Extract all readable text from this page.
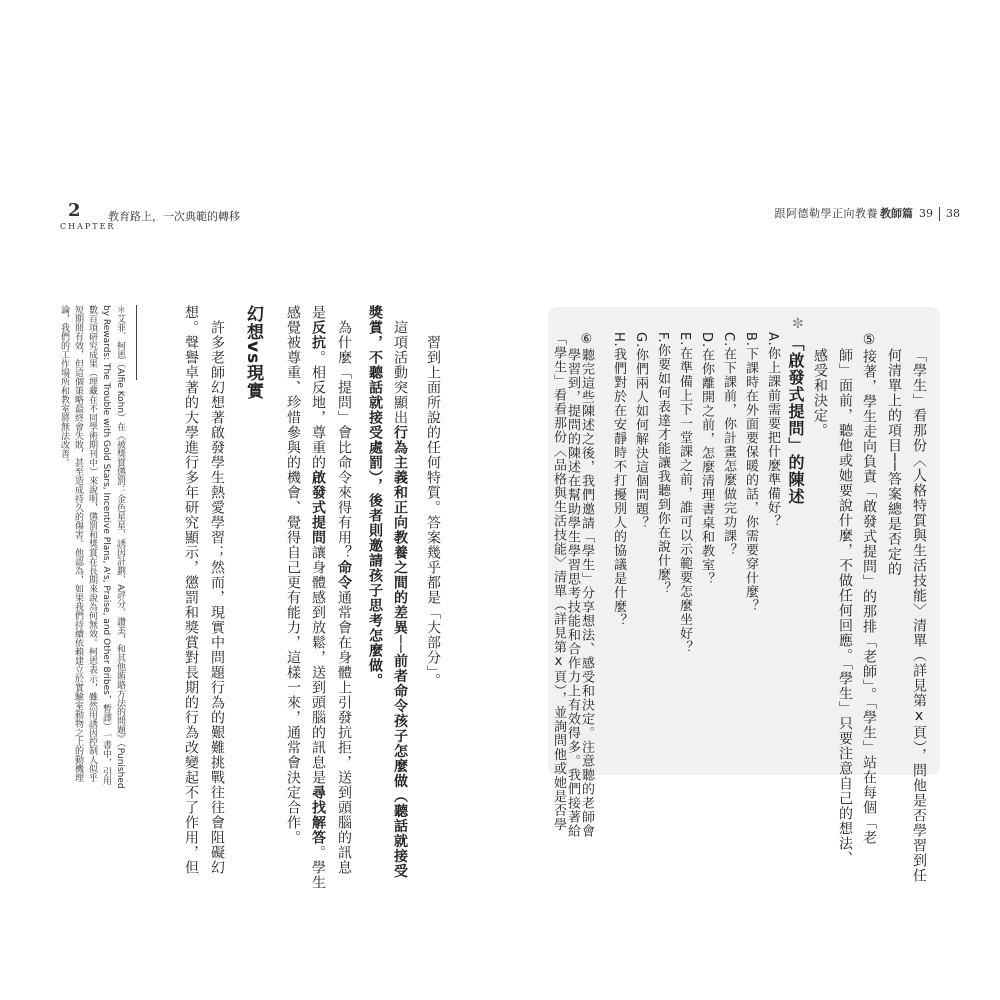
2
CHAPTER
教育路上，一次典範的轉移	跟阿德勒學正向教養 教師篇 39 38

「學生」看那份〈人格特質與生活技能〉清單（詳見第ⅹ頁），問他是否學習到任

何清單上的項目──答案總是否定的

⑤接著，學生走向負責「啟發式提問」的那排「老師」。「學生」站在每個「老

師」面前，聽他或她要說什麼，不做任何回應。「學生」只要注意自己的想法、

感受和決定。

✼

「啟發式提問」的陳述

A.你上課前需要把什麼準備好？

B.下課時在外面要保暖的話，你需要穿什麼？

C.在下課前，你計畫怎麼做完功課？

D.在你離開之前，怎麼清理書桌和教室？

E.在準備上下一堂課之前，誰可以示範要怎麼坐好？

F.你要如何表達才能讓我聽到你在說什麼？

G.你們兩人如何解決這個問題？

H.我們對於在安靜時不打擾別人的協議是什麼？

⑥聽完這些陳述之後，我們邀請「學生」分享想法、感受和決定。注意聽的老師會

學習到，提問的陳述在幫助學生學習思考技能和合作力上有效得多。我們接著給

習到上面所說的任何特質。答案幾乎都是「大部分」。

這項活動突顯出行為主義和正向教養之間的差異──前者命令孩子怎麼做（聽話就接受

獎賞，不聽話就接受處罰），後者則邀請孩子思考怎麼做。

為什麼「提問」會比命令來得有用？命令通常會在身體上引發抗拒，送到頭腦的訊息

是反抗。相反地，尊重的啟發式提問讓身體感到放鬆，送到頭腦的訊息是尋找解答。學生

感覺被尊重、珍惜參與的機會、覺得自己更有能力，這樣一來，通常會決定合作。

幻想vs現實

許多老師幻想著啟發學生熱愛學習；然而，現實中問題行為的艱難挑戰往往會阻礙幻

想。聲譽卓著的大學進行多年研究顯示，懲罰和獎賞對長期的行為改變起不了作用，但

＊艾菲．柯恩（Alfie Kohn）在《被獎賞懲罰：金色星星、誘因計劃、A評分、讚美，和其他賄賂方法的問題》（Punished

by Rewards: The Trouble with Gold Stars, Incentive Plans, A's, Praise, and Other Bribes，暫譯）一書中，引用

數百項研究成果（埋藏在不同學術期刊中）來說明，懲罰和獎賞在長期來說為何無效。柯恩表示，雖然用誘因控制人似乎

短期間有效，但這個策略最終會失敗，甚至造成持久的傷害。他認為，如果我們持續依賴建立於實驗室動物之上的動機理

論，我們的工作場所和教室將無法改善。	「學生」看看那份〈品格與生活技能〉清單（詳見第ⅹ頁），並詢問他或她是否學
